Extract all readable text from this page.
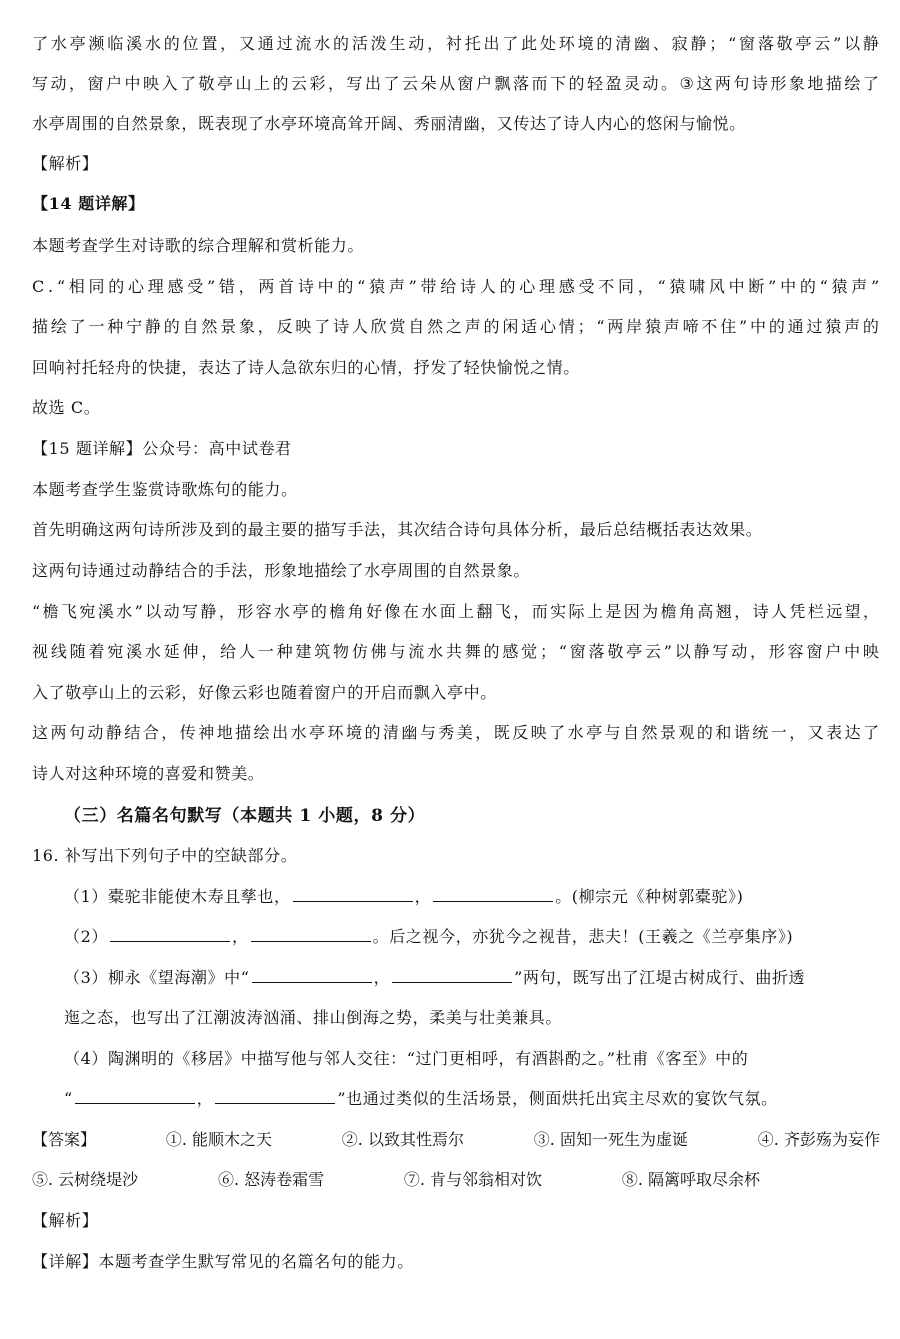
了 水 亭 濒 临 溪 水 的 位 置 ， 又 通 过 流 水 的 活 泼 生 动 ， 衬 托 出 了 此 处 环 境 的 清 幽 、 寂 静 ； “ 窗 落 敬 亭 云 ” 以 静
写 动 ， 窗 户 中 映 入 了 敬 亭 山 上 的 云 彩 ， 写 出 了 云 朵 从 窗 户 飘 落 而 下 的 轻 盈 灵 动 。 ③ 这 两 句 诗 形 象 地 描 绘 了
水亭周围的自然景象，既表现了水亭环境高耸开阔、秀丽清幽，又传达了诗人内心的悠闲与愉悦。
【解析】
【14 题详解】
本题考查学生对诗歌的综合理解和赏析能力。
C . “ 相 同 的 心 理 感 受 ” 错 ， 两 首 诗 中 的 “ 猿 声 ” 带 给 诗 人 的 心 理 感 受 不 同 ， “ 猿 啸 风 中 断 ” 中 的 “ 猿 声 ”
描 绘 了 一 种 宁 静 的 自 然 景 象 ， 反 映 了 诗 人 欣 赏 自 然 之 声 的 闲 适 心 情 ； “ 两 岸 猿 声 啼 不 住 ” 中 的 通 过 猿 声 的
回响衬托轻舟的快捷，表达了诗人急欲东归的心情，抒发了轻快愉悦之情。
故选 C。
【15 题详解】公众号：高中试卷君
本题考查学生鉴赏诗歌炼句的能力。
首先明确这两句诗所涉及到的最主要的描写手法，其次结合诗句具体分析，最后总结概括表达效果。
这两句诗通过动静结合的手法，形象地描绘了水亭周围的自然景象。
“ 檐 飞 宛 溪 水 ” 以 动 写 静 ， 形 容 水 亭 的 檐 角 好 像 在 水 面 上 翻 飞 ， 而 实 际 上 是 因 为 檐 角 高 翘 ， 诗 人 凭 栏 远 望 ，
视 线 随 着 宛 溪 水 延 伸 ， 给 人 一 种 建 筑 物 仿 佛 与 流 水 共 舞 的 感 觉 ； “ 窗 落 敬 亭 云 ” 以 静 写 动 ， 形 容 窗 户 中 映
入了敬亭山上的云彩，好像云彩也随着窗户的开启而飘入亭中。
这 两 句 动 静 结 合 ， 传 神 地 描 绘 出 水 亭 环 境 的 清 幽 与 秀 美 ， 既 反 映 了 水 亭 与 自 然 景 观 的 和 谐 统 一 ， 又 表 达 了
诗人对这种环境的喜爱和赞美。
（三）名篇名句默写（本题共 1 小题，8 分）
16. 补写出下列句子中的空缺部分。
（1）橐驼非能使木寿且孳也，	，	。(柳宗元《种树郭橐驼》)
（2）	，	。后之视今，亦犹今之视昔，悲夫！(王羲之《兰亭集序》)
（3）柳永《望海潮》中“	，	”两句，既写出了江堤古树成行、曲折透
迤之态，也写出了江潮波涛汹涌、排山倒海之势，柔美与壮美兼具。
（4）陶渊明的《移居》中描写他与邻人交往：“过门更相呼，有酒斟酌之。”杜甫《客至》中的
“	，	”也通过类似的生活场景，侧面烘托出宾主尽欢的宴饮气氛。
【答案】	①. 能顺木之天	②. 以致其性焉尔	③. 固知一死生为虚诞	④. 齐彭殇为妄作
⑤. 云树绕堤沙	⑥. 怒涛卷霜雪	⑦. 肯与邻翁相对饮	⑧. 隔篱呼取尽余杯
【解析】
【详解】本题考查学生默写常见的名篇名句的能力。
